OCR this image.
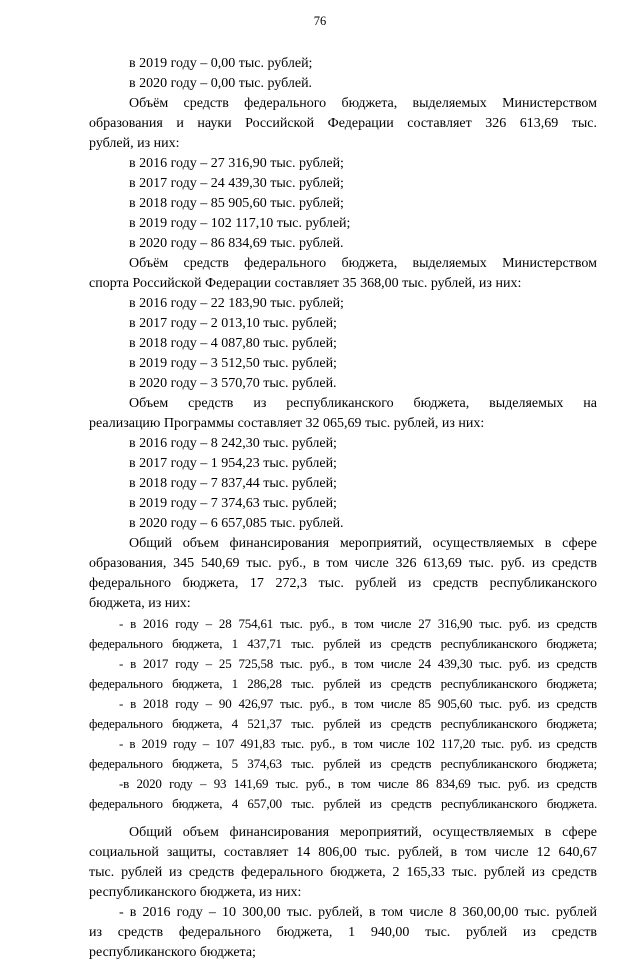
76
в 2019 году – 0,00 тыс. рублей;
в 2020 году – 0,00 тыс. рублей.
Объём средств федерального бюджета, выделяемых Министерством
образования и науки Российской Федерации составляет 326 613,69 тыс.
рублей, из них:
в 2016 году – 27 316,90 тыс. рублей;
в 2017 году – 24 439,30 тыс. рублей;
в 2018 году – 85 905,60 тыс. рублей;
в 2019 году – 102 117,10 тыс. рублей;
в 2020 году – 86 834,69 тыс. рублей.
Объём средств федерального бюджета, выделяемых Министерством
спорта Российской Федерации составляет 35 368,00 тыс. рублей, из них:
в 2016 году – 22 183,90 тыс. рублей;
в 2017 году – 2 013,10 тыс. рублей;
в 2018 году – 4 087,80 тыс. рублей;
в 2019 году – 3 512,50 тыс. рублей;
в 2020 году – 3 570,70 тыс. рублей.
Объем средств из республиканского бюджета, выделяемых на
реализацию Программы составляет 32 065,69 тыс. рублей, из них:
в 2016 году – 8 242,30 тыс. рублей;
в 2017 году – 1 954,23 тыс. рублей;
в 2018 году – 7 837,44 тыс. рублей;
в 2019 году – 7 374,63 тыс. рублей;
в 2020 году – 6 657,085 тыс. рублей.
Общий объем финансирования мероприятий, осуществляемых в сфере
образования, 345 540,69 тыс. руб., в том числе 326 613,69 тыс. руб. из средств
федерального бюджета, 17 272,3 тыс. рублей из средств республиканского
бюджета, из них:
- в 2016 году – 28 754,61 тыс. руб., в том числе 27 316,90 тыс. руб. из средств
федерального бюджета, 1 437,71 тыс. рублей из средств республиканского бюджета;
- в 2017 году – 25 725,58 тыс. руб., в том числе 24 439,30 тыс. руб. из средств
федерального бюджета, 1 286,28 тыс. рублей из средств республиканского бюджета;
- в 2018 году – 90 426,97 тыс. руб., в том числе 85 905,60 тыс. руб. из средств
федерального бюджета, 4 521,37 тыс. рублей из средств республиканского бюджета;
- в 2019 году – 107 491,83 тыс. руб., в том числе 102 117,20 тыс. руб. из средств
федерального бюджета, 5 374,63 тыс. рублей из средств республиканского бюджета;
-в 2020 году – 93 141,69 тыс. руб., в том числе 86 834,69 тыс. руб. из средств
федерального бюджета, 4 657,00 тыс. рублей из средств республиканского бюджета.
Общий объем финансирования мероприятий, осуществляемых в сфере
социальной защиты, составляет 14 806,00 тыс. рублей, в том числе 12 640,67
тыс. рублей из средств федерального бюджета, 2 165,33 тыс. рублей из средств
республиканского бюджета, из них:
- в 2016 году – 10 300,00 тыс. рублей, в том числе 8 360,00,00 тыс. рублей
из средств федерального бюджета, 1 940,00 тыс. рублей из средств
республиканского бюджета;
